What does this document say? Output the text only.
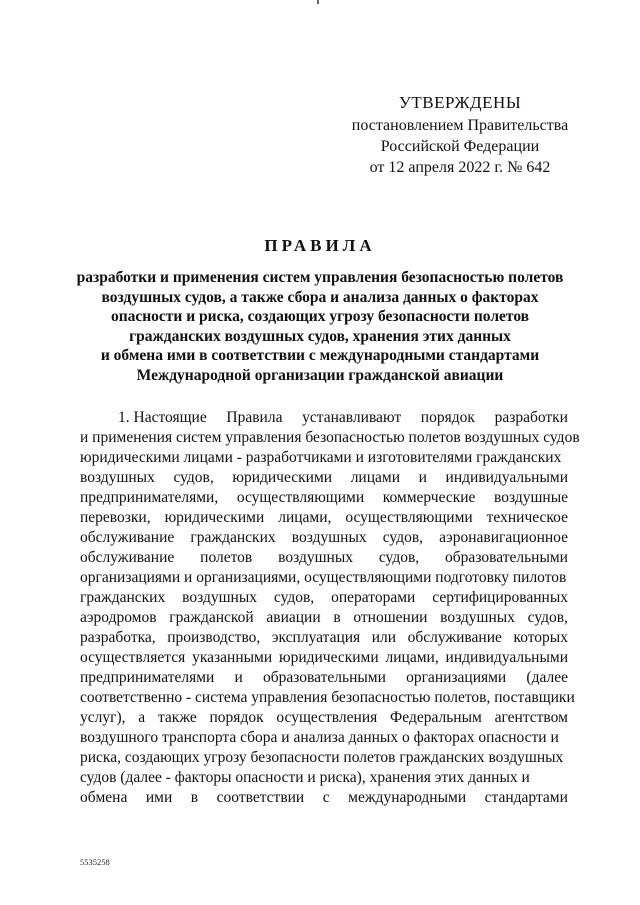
УТВЕРЖДЕНЫ
постановлением Правительства
Российской Федерации
от 12 апреля 2022 г. № 642
ПРАВИЛА
разработки и применения систем управления безопасностью полетов
воздушных судов, а также сбора и анализа данных о факторах
опасности и риска, создающих угрозу безопасности полетов
гражданских воздушных судов, хранения этих данных
и обмена ими в соответствии с международными стандартами
Международной организации гражданской авиации
1. Настоящие Правила устанавливают порядок разработки
и применения систем управления безопасностью полетов воздушных судов
юридическими лицами - разработчиками и изготовителями гражданских
воздушных судов, юридическими лицами и индивидуальными
предпринимателями, осуществляющими коммерческие воздушные
перевозки, юридическими лицами, осуществляющими техническое
обслуживание гражданских воздушных судов, аэронавигационное
обслуживание полетов воздушных судов, образовательными
организациями и организациями, осуществляющими подготовку пилотов
гражданских воздушных судов, операторами сертифицированных
аэродромов гражданской авиации в отношении воздушных судов,
разработка, производство, эксплуатация или обслуживание которых
осуществляется указанными юридическими лицами, индивидуальными
предпринимателями и образовательными организациями (далее
соответственно - система управления безопасностью полетов, поставщики
услуг), а также порядок осуществления Федеральным агентством
воздушного транспорта сбора и анализа данных о факторах опасности и
риска, создающих угрозу безопасности полетов гражданских воздушных
судов (далее - факторы опасности и риска), хранения этих данных и
обмена ими в соответствии с международными стандартами
5535258
